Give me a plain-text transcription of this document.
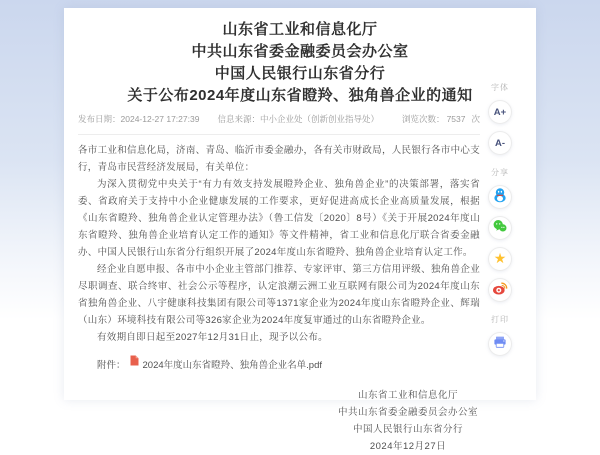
山东省工业和信息化厅
中共山东省委金融委员会办公室
中国人民银行山东省分行
关于公布2024年度山东省瞪羚、独角兽企业的通知
发布日期：2024-12-27 17:27:39 信息来源：中小企业处（创新创业指导处）	浏览次数： 7537 次

各市工业和信息化局，济南、青岛、临沂市委金融办，各有关市财政局，人民银行各市中心支行，青岛市民营经济发展局，有关单位：

为深入贯彻党中央关于“有力有效支持发展瞪羚企业、独角兽企业”的决策部署，落实省委、省政府关于支持中小企业健康发展的工作要求，更好促进高成长企业高质量发展，根据《山东省瞪羚、独角兽企业认定管理办法》（鲁工信发〔2020〕8号）《关于开展2024年度山东省瞪羚、独角兽企业培育认定工作的通知》等文件精神，省工业和信息化厅联合省委金融办、中国人民银行山东省分行组织开展了2024年度山东省瞪羚、独角兽企业培育认定工作。

经企业自愿申报、各市中小企业主管部门推荐、专家评审、第三方信用评级、独角兽企业尽职调查、联合终审、社会公示等程序，认定浪潮云洲工业互联网有限公司为2024年度山东省独角兽企业、八宇健康科技集团有限公司等1371家企业为2024年度山东省瞪羚企业、辉瑞（山东）环境科技有限公司等326家企业为2024年度复审通过的山东省瞪羚企业。

有效期自即日起至2027年12月31日止，现予以公布。

附件： 2024年度山东省瞪羚、独角兽企业名单.pdf
山东省工业和信息化厅
中共山东省委金融委员会办公室
中国人民银行山东省分行
2024年12月27日
字体
A+
A-
分享
★
打印
